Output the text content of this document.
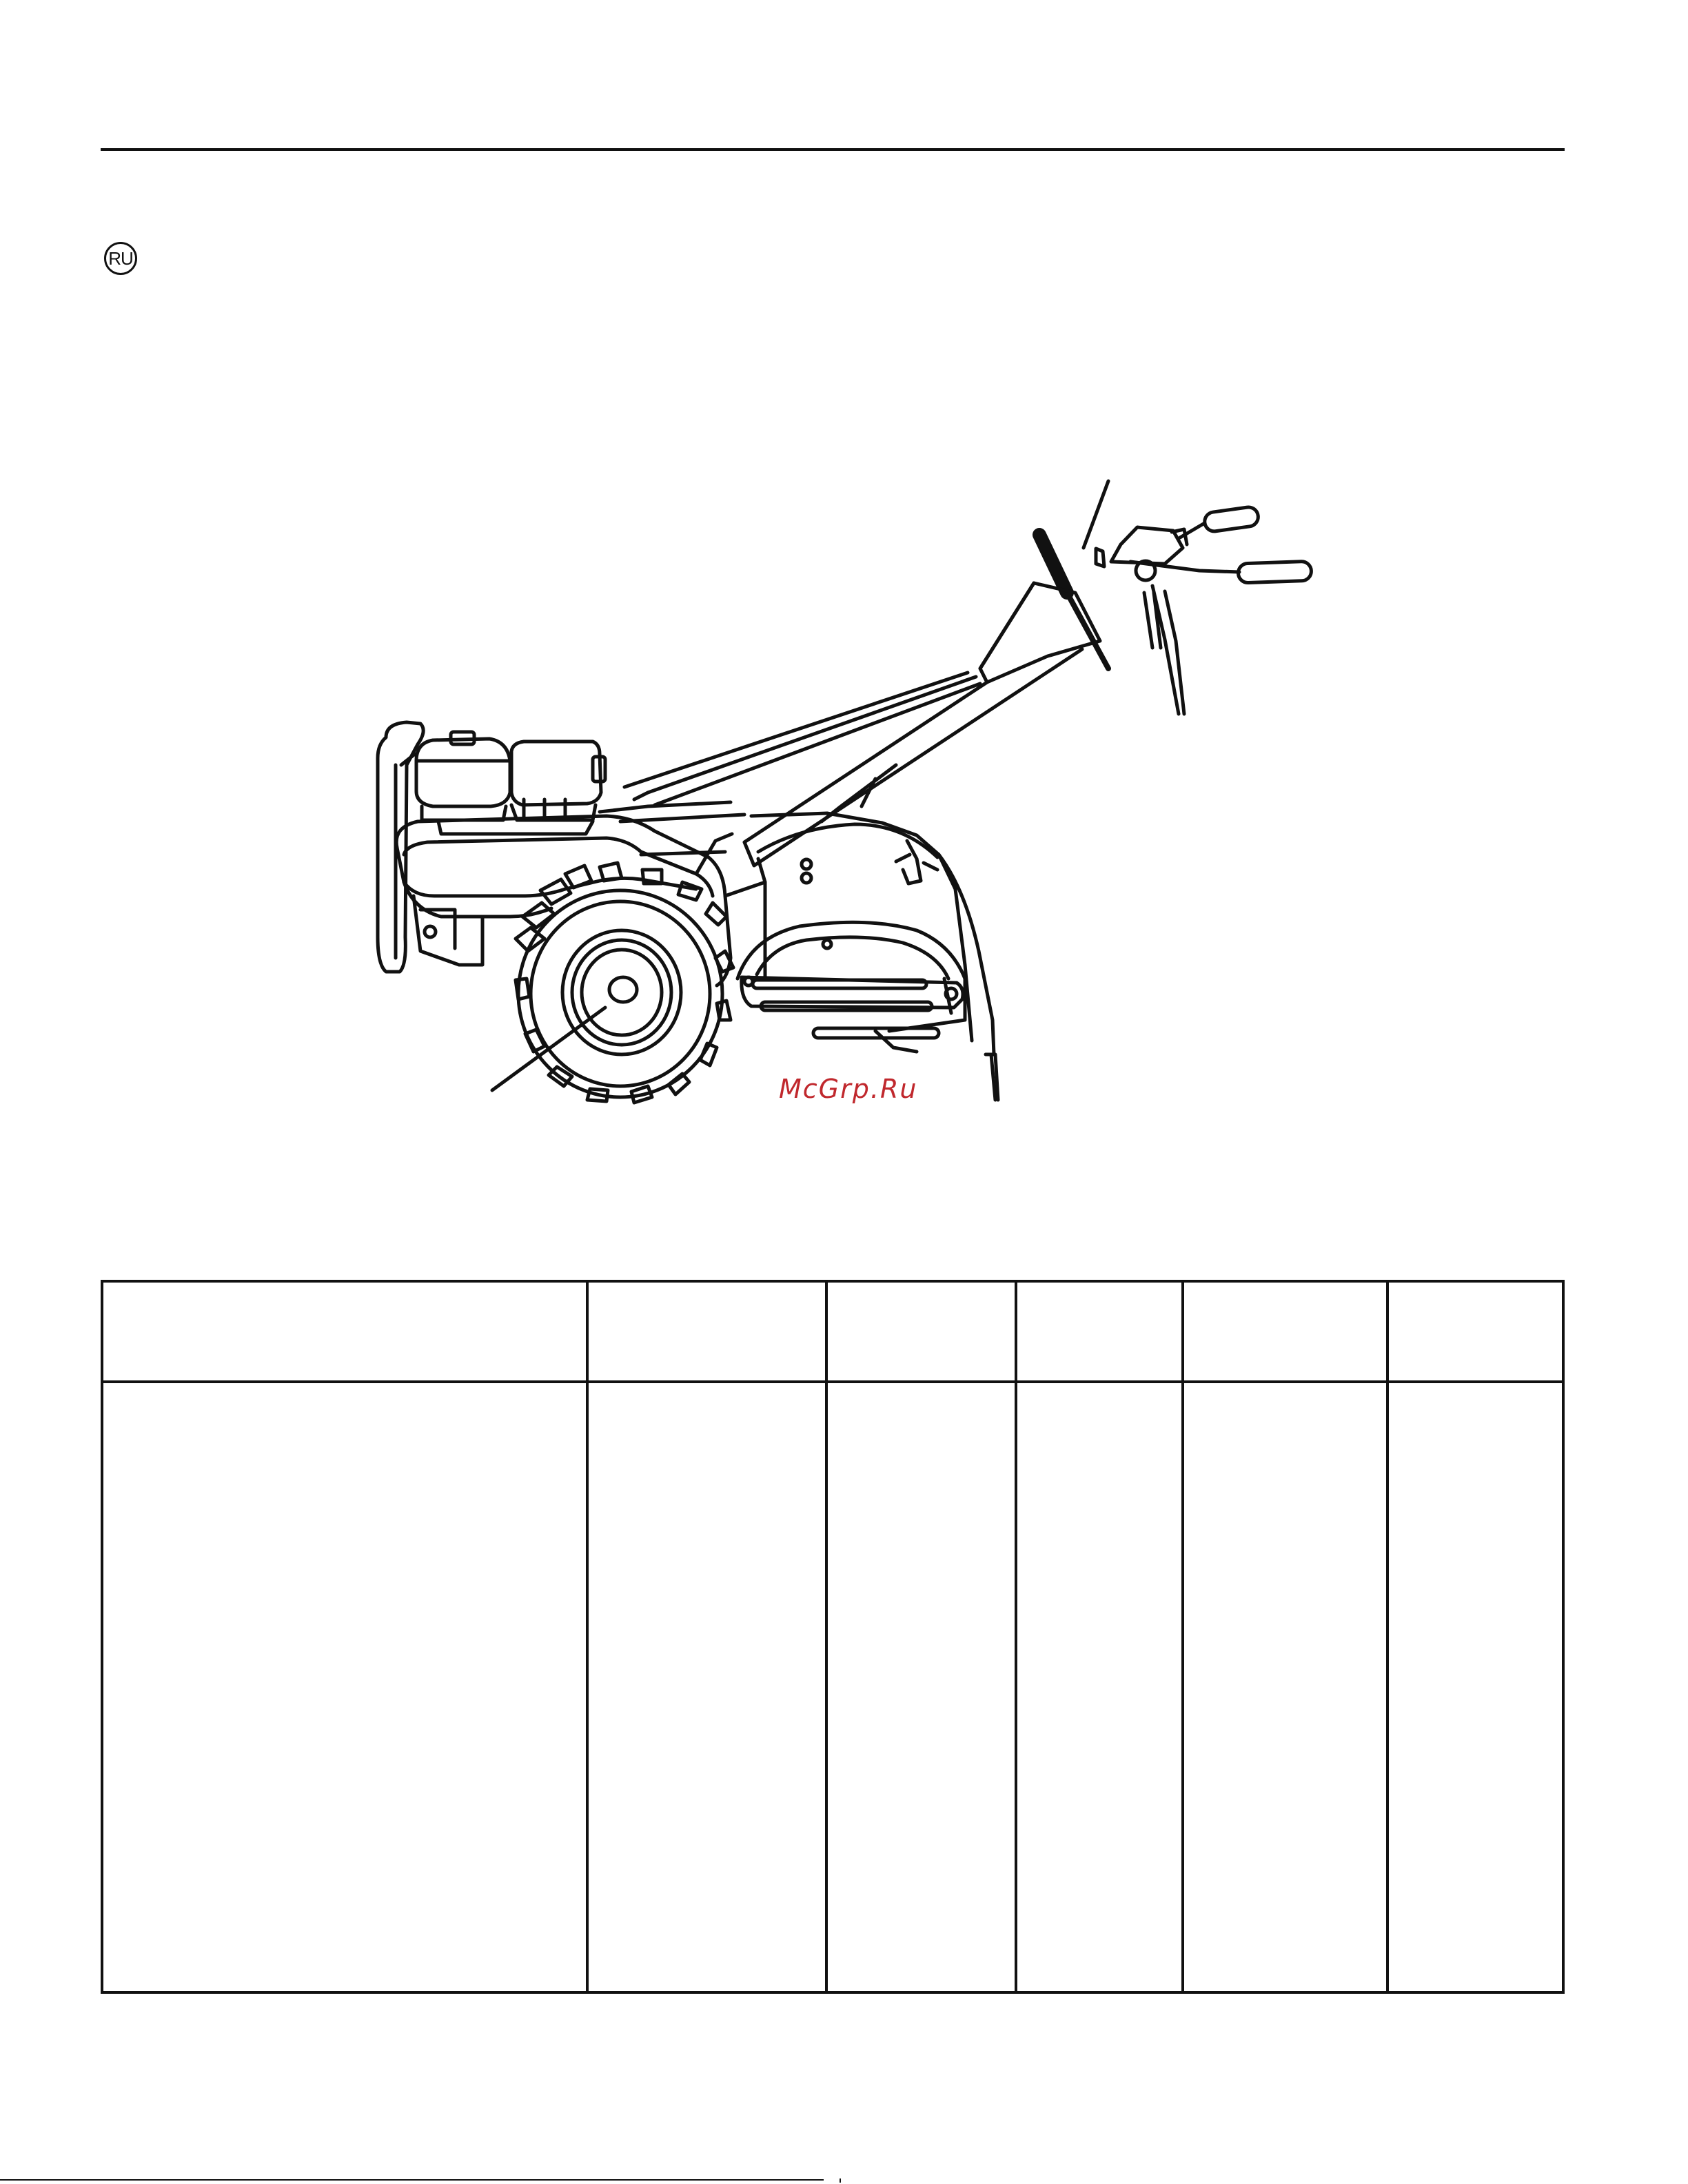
RU
McGrp.Ru
